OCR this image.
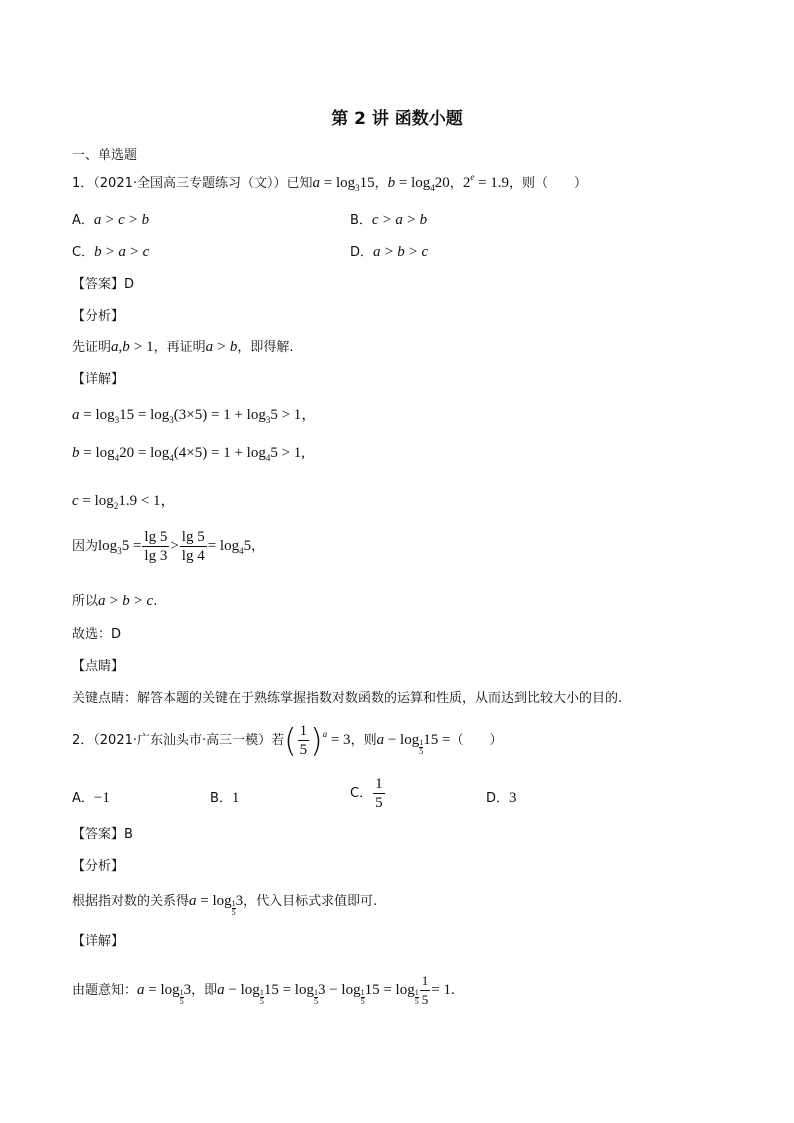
第 2 讲 函数小题
一、单选题
1．（2021·全国高三专题练习（文））已知$a = \log_315$，$b = \log_420$，$2^e = 1.9$，则（　　）
A．a > c > b	B．c > a > b
C．b > a > c	D．a > b > c
【答案】D
【分析】
先证明a,b > 1，再证明a > b，即得解.
【详解】
$a = \log_315 = \log_3(3\times 5) = 1 + \log_35 > 1$，
$b = \log_420 = \log_4(4\times 5) = 1 + \log_45 > 1$,
$c = \log_21.9 < 1$，
因为$\log_35 = \frac{\lg 5}{\lg 3} > \frac{\lg 5}{\lg 4} = \log_45$，
所以a > b > c.
故选：D
【点睛】
关键点睛：解答本题的关键在于熟练掌握指数对数函数的运算和性质，从而达到比较大小的目的.
2．（2021·广东汕头市·高三一模）若( $\frac{1}{5} )^a = 3$，则$a - \log \frac{1}{5} 15$ =（　　）
A．−1	B．1	C． $\frac{1}{5}$	D．3
【答案】B
【分析】
根据指对数的关系得$a = \log \frac{1}{5} 3$，代入目标式求值即可.
【详解】
由题意知：$a = \log \frac{1}{5} 3$，即$a - \log \frac{1}{5} 15 = \log \frac{1}{5} 3 - \log \frac{1}{5} 15 = \log \frac{1}{5} \frac{1}{5} = 1$.
